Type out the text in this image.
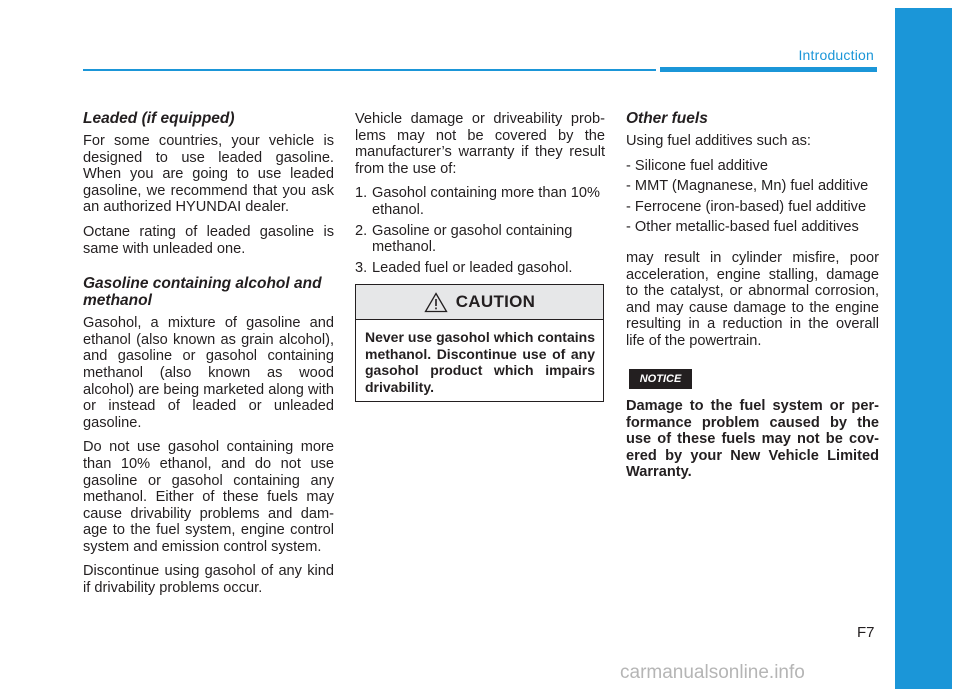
Introduction
Leaded (if equipped)

For some countries, your vehicle is designed to use leaded gasoline. When you are going to use leaded gasoline, we recommend that you ask an authorized HYUNDAI dealer.

Octane rating of leaded gasoline is same with unleaded one.

Gasoline containing alcohol and methanol

Gasohol, a mixture of gasoline and ethanol (also known as grain alcohol), and gasoline or gasohol containing methanol (also known as wood alcohol) are being marketed along with or instead of leaded or unleaded gasoline.

Do not use gasohol containing more than 10% ethanol, and do not use gasoline or gasohol containing any methanol. Either of these fuels may cause drivability problems and damage to the fuel system, engine control system and emission control system.

Discontinue using gasohol of any kind if drivability problems occur.

Vehicle damage or driveability problems may not be covered by the manufacturer’s warranty if they result from the use of:

1. Gasohol containing more than 10% ethanol.
2. Gasoline or gasohol containing methanol.
3. Leaded fuel or leaded gasohol.
CAUTION
Never use gasohol which contains methanol. Discontinue use of any gasohol product which impairs drivability.
Other fuels

Using fuel additives such as:

- Silicone fuel additive
- MMT (Magnanese, Mn) fuel additive
- Ferrocene (iron-based) fuel additive
- Other metallic-based fuel additives

may result in cylinder misfire, poor acceleration, engine stalling, damage to the catalyst, or abnormal corrosion, and may cause damage to the engine resulting in a reduction in the overall life of the powertrain.

NOTICE

Damage to the fuel system or performance problem caused by the use of these fuels may not be covered by your New Vehicle Limited Warranty.

F7
carmanualsonline.info
